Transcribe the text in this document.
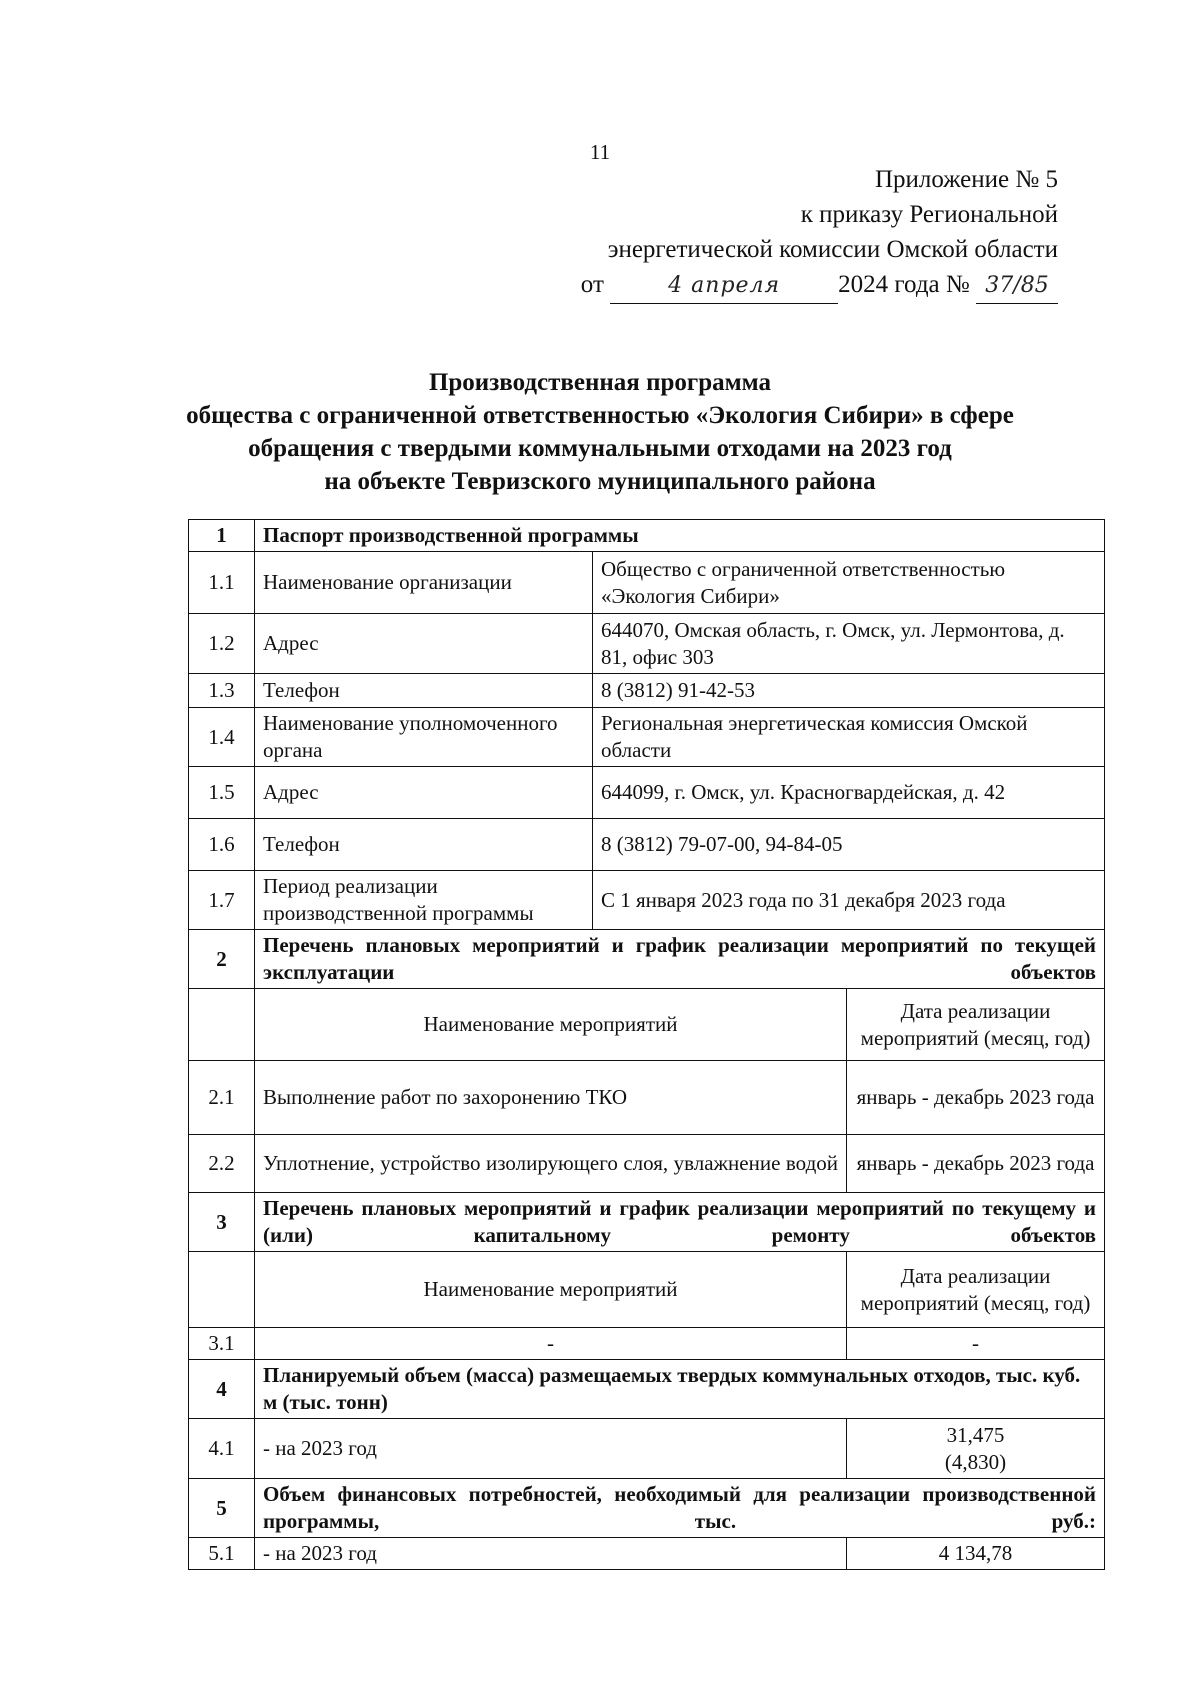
11
Приложение № 5
к приказу Региональной
энергетической комиссии Омской области
от	4 апреля 2024 года № 37/85
Производственная программа
общества с ограниченной ответственностью «Экология Сибири» в сфере
обращения с твердыми коммунальными отходами на 2023 год
на объекте Тевризского муниципального района
1	Паспорт производственной программы		
1.1	Наименование организации	Общество с ограниченной ответственностью «Экология Сибири»	
1.2	Адрес	644070, Омская область, г. Омск, ул. Лермонтова, д. 81, офис 303	
1.3	Телефон	8 (3812) 91-42-53	
1.4	Наименование уполномоченного органа	Региональная энергетическая комиссия Омской области	
1.5	Адрес	644099, г. Омск, ул. Красногвардейская, д. 42	
1.6	Телефон	8 (3812) 79-07-00, 94-84-05	
1.7	Период реализации производственной программы	С 1 января 2023 года по 31 декабря 2023 года	
2	Перечень плановых мероприятий и график реализации мероприятий по текущей эксплуатации объектов		
	Наименование мероприятий		Дата реализации мероприятий (месяц, год)
2.1	Выполнение работ по захоронению ТКО		январь - декабрь 2023 года
2.2	Уплотнение, устройство изолирующего слоя, увлажнение водой		январь - декабрь 2023 года
3	Перечень плановых мероприятий и график реализации мероприятий по текущему и (или) капитальному ремонту объектов		
	Наименование мероприятий		Дата реализации мероприятий (месяц, год)
3.1	-		-
4	Планируемый объем (масса) размещаемых твердых коммунальных отходов, тыс. куб. м (тыс. тонн)		
4.1	- на 2023 год		31,475
(4,830)

5	Объем финансовых потребностей, необходимый для реализации производственной программы, тыс. руб.:		
5.1	- на 2023 год		4 134,78
